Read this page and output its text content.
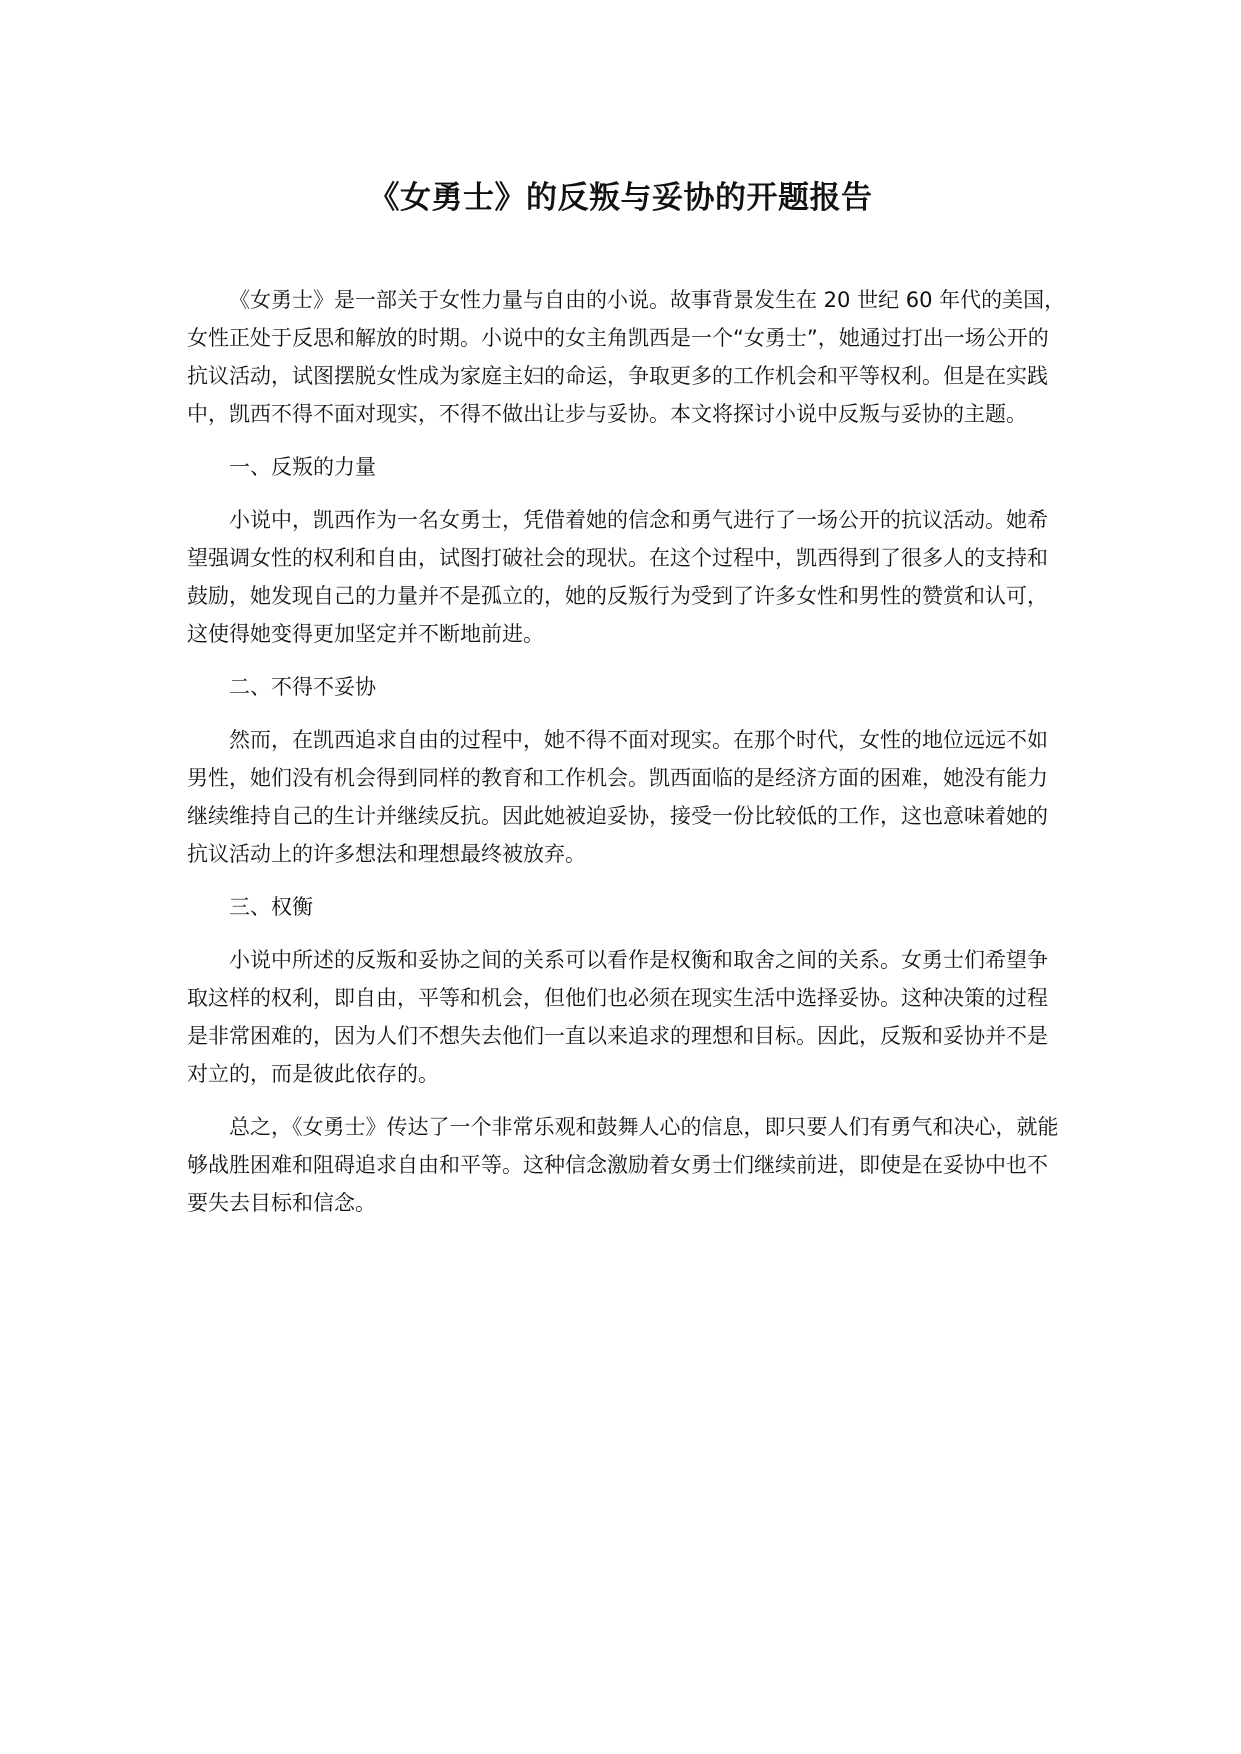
《女勇士》的反叛与妥协的开题报告

《女勇士》是一部关于女性力量与自由的小说。故事背景发生在 20 世纪 60 年代的美国，女性正处于反思和解放的时期。小说中的女主角凯西是一个“女勇士”，她通过打出一场公开的抗议活动，试图摆脱女性成为家庭主妇的命运，争取更多的工作机会和平等权利。但是在实践中，凯西不得不面对现实，不得不做出让步与妥协。本文将探讨小说中反叛与妥协的主题。

一、反叛的力量

小说中，凯西作为一名女勇士，凭借着她的信念和勇气进行了一场公开的抗议活动。她希望强调女性的权利和自由，试图打破社会的现状。在这个过程中，凯西得到了很多人的支持和鼓励，她发现自己的力量并不是孤立的，她的反叛行为受到了许多女性和男性的赞赏和认可，这使得她变得更加坚定并不断地前进。

二、不得不妥协

然而，在凯西追求自由的过程中，她不得不面对现实。在那个时代，女性的地位远远不如男性，她们没有机会得到同样的教育和工作机会。凯西面临的是经济方面的困难，她没有能力继续维持自己的生计并继续反抗。因此她被迫妥协，接受一份比较低的工作，这也意味着她的抗议活动上的许多想法和理想最终被放弃。

三、权衡

小说中所述的反叛和妥协之间的关系可以看作是权衡和取舍之间的关系。女勇士们希望争取这样的权利，即自由，平等和机会，但他们也必须在现实生活中选择妥协。这种决策的过程是非常困难的，因为人们不想失去他们一直以来追求的理想和目标。因此，反叛和妥协并不是对立的，而是彼此依存的。

总之，《女勇士》传达了一个非常乐观和鼓舞人心的信息，即只要人们有勇气和决心，就能够战胜困难和阻碍追求自由和平等。这种信念激励着女勇士们继续前进，即使是在妥协中也不要失去目标和信念。
